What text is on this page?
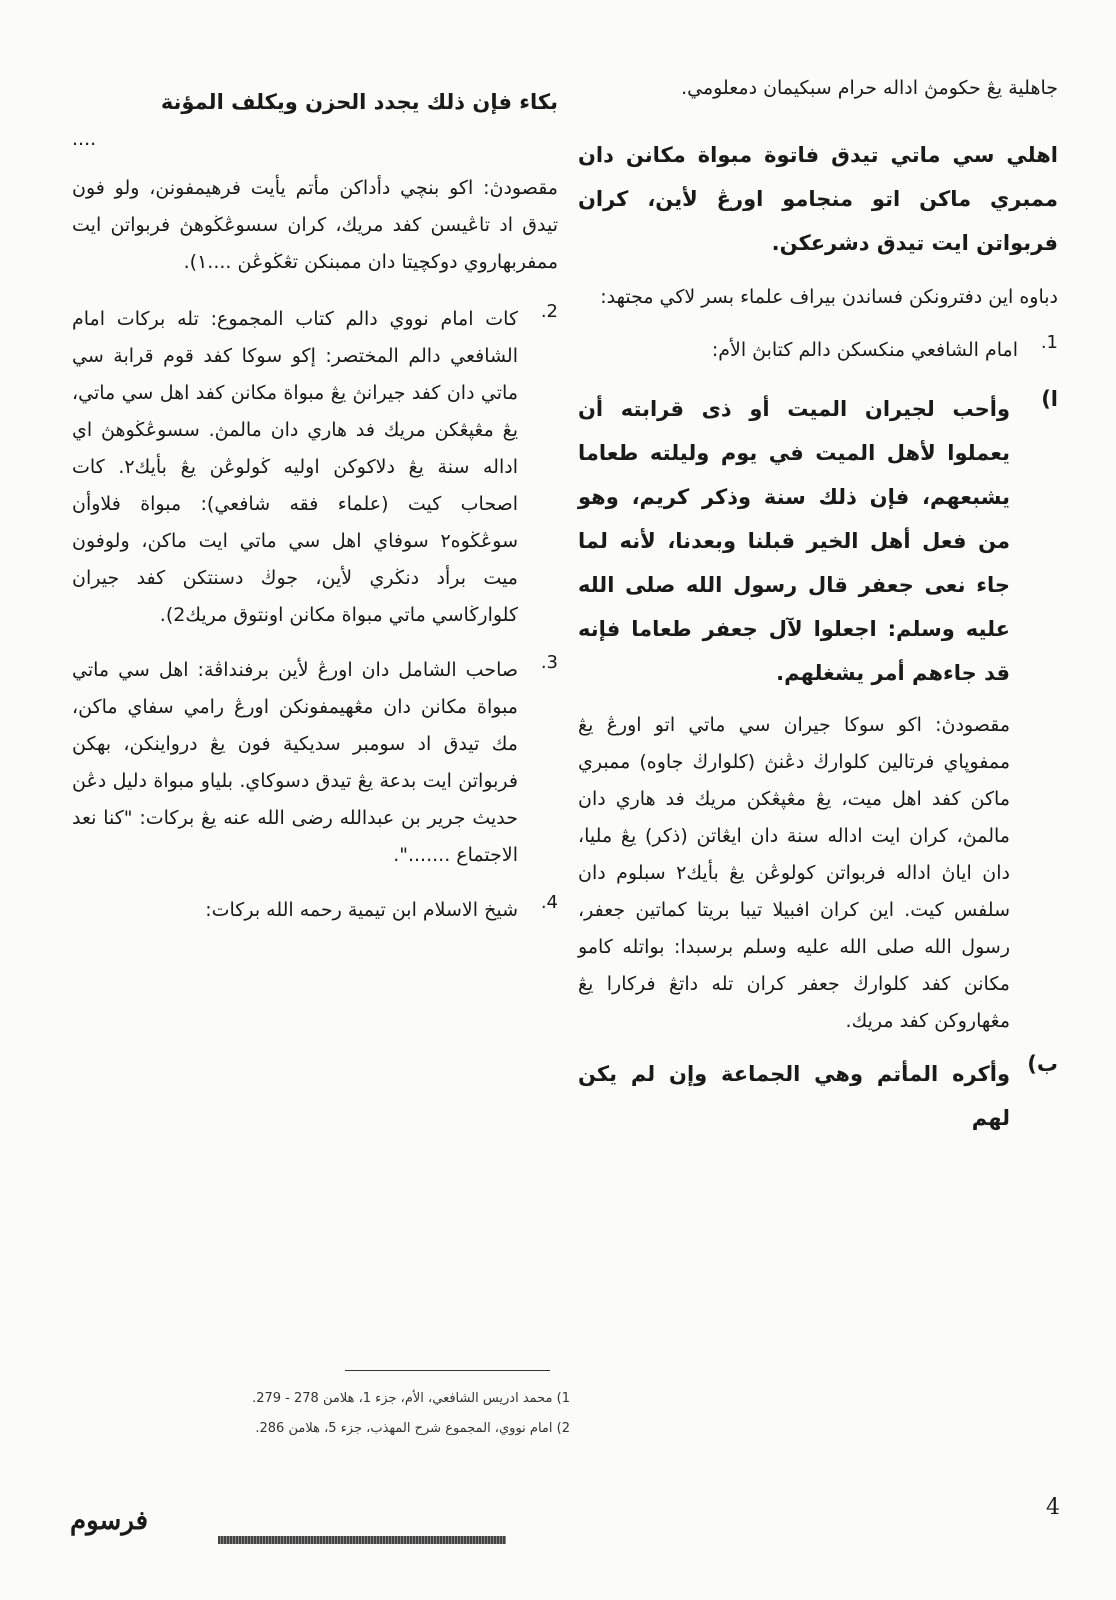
جاهلية يڠ حكومڽ اداله حرام سبكيمان دمعلومي.

اهلي سي ماتي تيدق فاتوة مبواة مكانن دان ممبري ماكن اتو منجامو اورڠ لأين، كران فربواتن ايت تيدق دشرعكن.

دباوه اين دفترونكن فساندن بيراف علماء بسر لاكي مجتهد:

1.

امام الشافعي منكسكن دالم كتابڽ الأم:

ا)

وأحب لجيران الميت أو ذى قرابته أن يعملوا لأهل الميت في يوم وليلته طعاما يشبعهم، فإن ذلك سنة وذكر كريم، وهو من فعل أهل الخير قبلنا وبعدنا، لأنه لما جاء نعى جعفر قال رسول الله صلى الله عليه وسلم: اجعلوا لآل جعفر طعاما فإنه قد جاءهم أمر يشغلهم.

مقصودڽ: اكو سوكا جيران سي ماتي اتو اورڠ يڠ ممفوڽاي فرتالين كلوارڬ دڠنڽ (كلوارڬ جاوه) ممبري ماكن كفد اهل ميت، يڠ مڠپڠكن مريك فد هاري دان مالمڽ، كران ايت اداله سنة دان ايڠاتن (ذكر) يڠ مليا، دان اياڽ اداله فربواتن كولوڠن يڠ بأيك٢ سبلوم دان سلفس كيت. اين كران افبيلا تيبا بريتا كماتين جعفر، رسول الله صلى الله عليه وسلم برسبدا: بواتله كامو مكانن كفد كلوارڬ جعفر كران تله داتڠ فركارا يڠ مڠهاروكن كفد مريك.

ب)

وأكره المأتم وهي الجماعة وإن لم يكن لهم

بكاء فإن ذلك يجدد الحزن ويكلف المؤنة

....

مقصودڽ: اكو بنچي دأداكن مأتم يأيت فرهيمفونن، ولو فون تيدق اد تاڠيسن كفد مريك، كران سسوڠڬوهڽ فربواتن ايت ممفربهاروي دوكچيتا دان ممبنكن تڠڬوڠن ....١).

2.

كات امام نووي دالم كتاب المجموع: تله بركات امام الشافعي دالم المختصر: إكو سوكا كفد قوم قرابة سي ماتي دان كفد جيرانڽ يڠ مبواة مكانن كفد اهل سي ماتي، يڠ مڠپڠكن مريك فد هاري دان مالمڽ. سسوڠڬوهڽ اي اداله سنة يڠ دلاكوكن اوليه ڬولوڠن يڠ بأيك٢. كات اصحاب كيت (علماء فقه شافعي): مبواة فلاوأن سوڠڬوه٢ سوفاي اهل سي ماتي ايت ماكن، ولوفون ميت برأد دنڬري لأين، جوڬ دسنتكن كفد جيران كلوارڬاسي ماتي مبواة مكانن اونتوق مريك2).

3.

صاحب الشامل دان اورڠ لأين برفنداڤة: اهل سي ماتي مبواة مكانن دان مڠهيمفونكن اورڠ رامي سفاي ماكن، مك تيدق اد سومبر سديكية فون يڠ درواينكن، بهكن فربواتن ايت بدعة يڠ تيدق دسوكاي. بلياو مبواة دليل دڠن حديث جرير بن عبدالله رضى الله عنه يڠ بركات: "كنا نعد الاجتماع .......".

4.

شيخ الاسلام ابن تيمية رحمه الله بركات:

1) محمد ادريس الشافعي، الأم، جزء 1، هلامن 278 - 279.

2) امام نووي، المجموع شرح المهذب، جزء 5، هلامن 286.

4
فرسوم
